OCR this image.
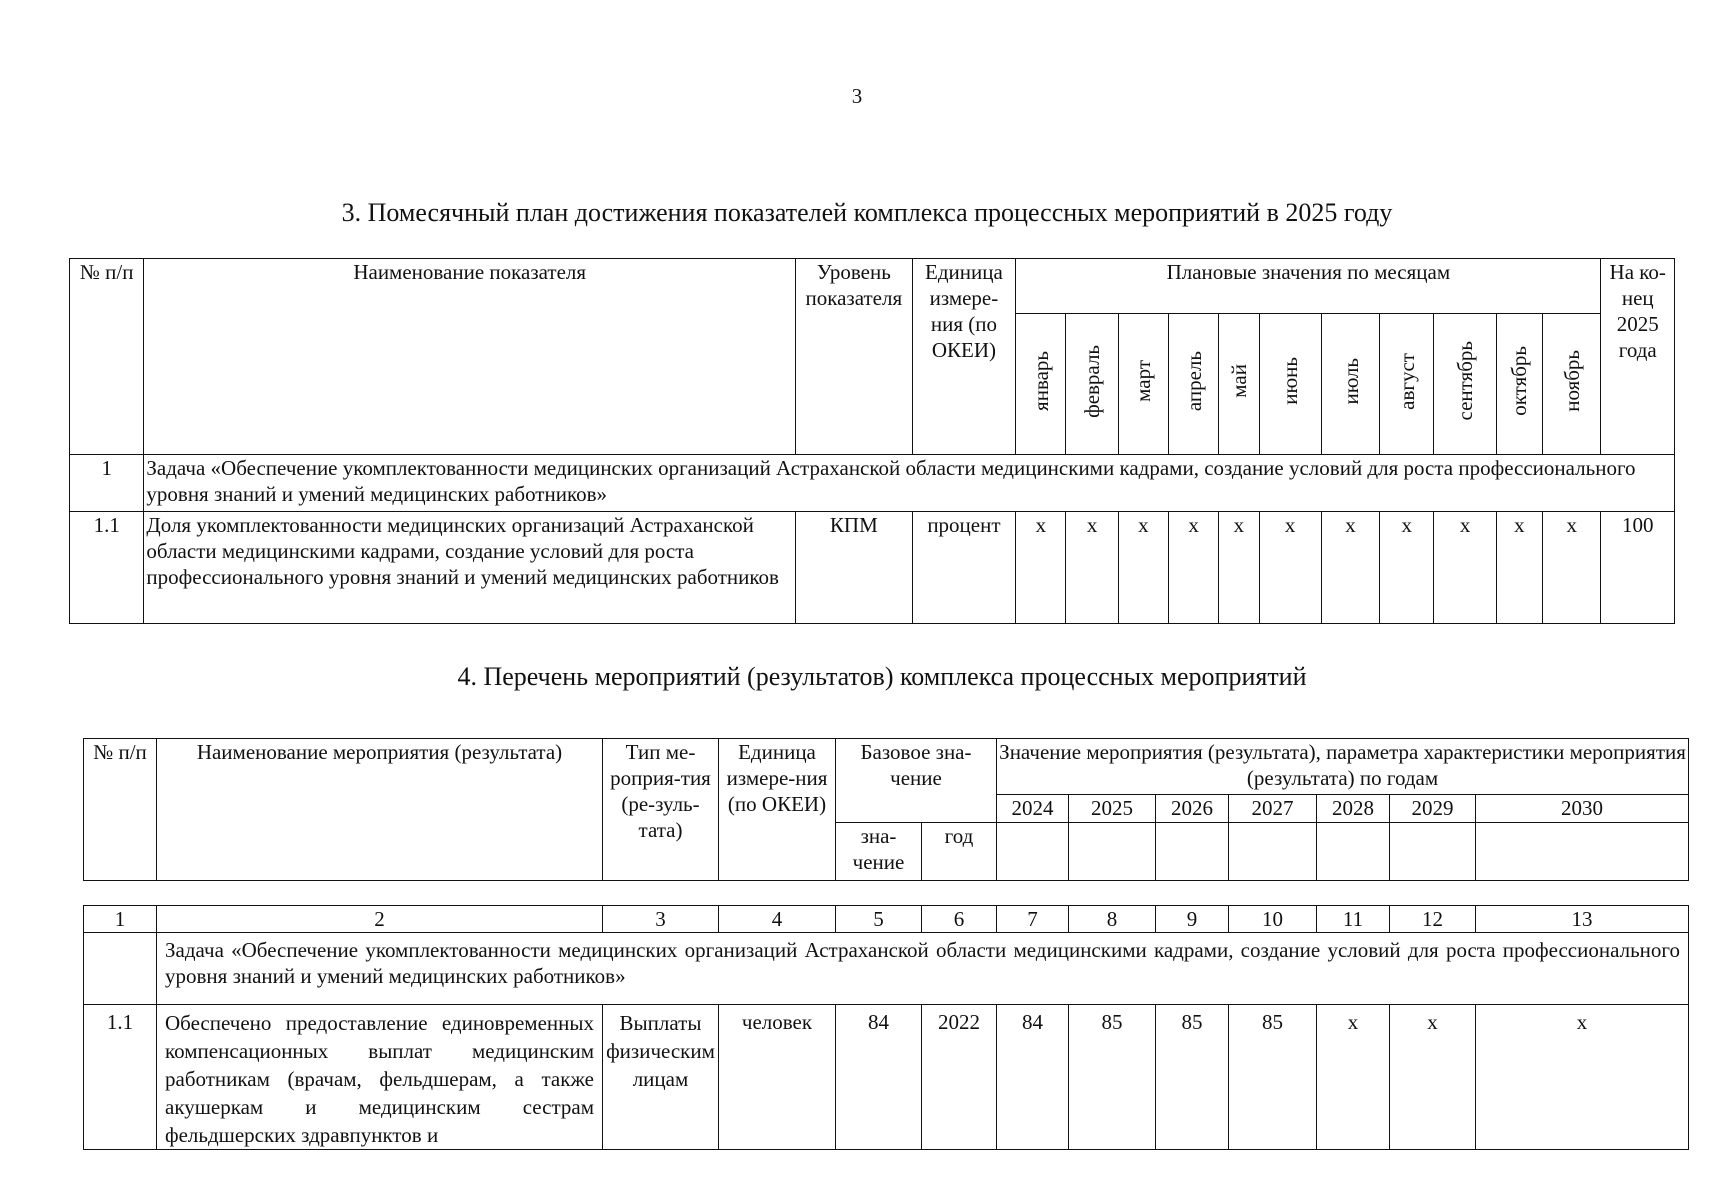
3
3. Помесячный план достижения показателей комплекса процессных мероприятий в 2025 году
№ п/п	Наименование показателя	Уровень показателя	Единица измере-ния (по ОКЕИ)	Плановые значения по месяцам											На ко-нец 2025 года
				январь	февраль	март	апрель	май	июнь	июль	август	сентябрь	октябрь	ноябрь	
1	Задача «Обеспечение укомплектованности медицинских организаций Астраханской области медицинскими кадрами, создание условий для роста профессионального уровня знаний и умений медицинских работников»														
1.1	Доля укомплектованности медицинских организаций Астраханской области медицинскими кадрами, создание условий для роста профессионального уровня знаний и умений медицинских работников	КПМ	процент	х	х	х	х	х	х	х	х	х	х	х	100
4. Перечень мероприятий (результатов) комплекса процессных мероприятий
№ п/п	Наименование мероприятия (результата)	Тип ме-роприя-тия (ре-зуль-тата)	Единица измере-ния (по ОКЕИ)	Базовое зна-чение		Значение мероприятия (результата), параметра характеристики мероприятия (результата) по годам						
						2024	2025	2026	2027	2028	2029	2030
				зна-чение	год							
1	2	3	4	5	6	7	8	9	10	11	12	13
	Задача «Обеспечение укомплектованности медицинских организаций Астраханской области медицинскими кадрами, создание условий для роста профессионального уровня знаний и умений медицинских работников»											
1.1	Обеспечено предоставление единовременных компенсационных выплат медицинским работникам (врачам, фельдшерам, а также акушеркам и медицинским сестрам фельдшерских здравпунктов и	Выплаты физическим лицам	человек	84	2022	84	85	85	85	х	х	х
